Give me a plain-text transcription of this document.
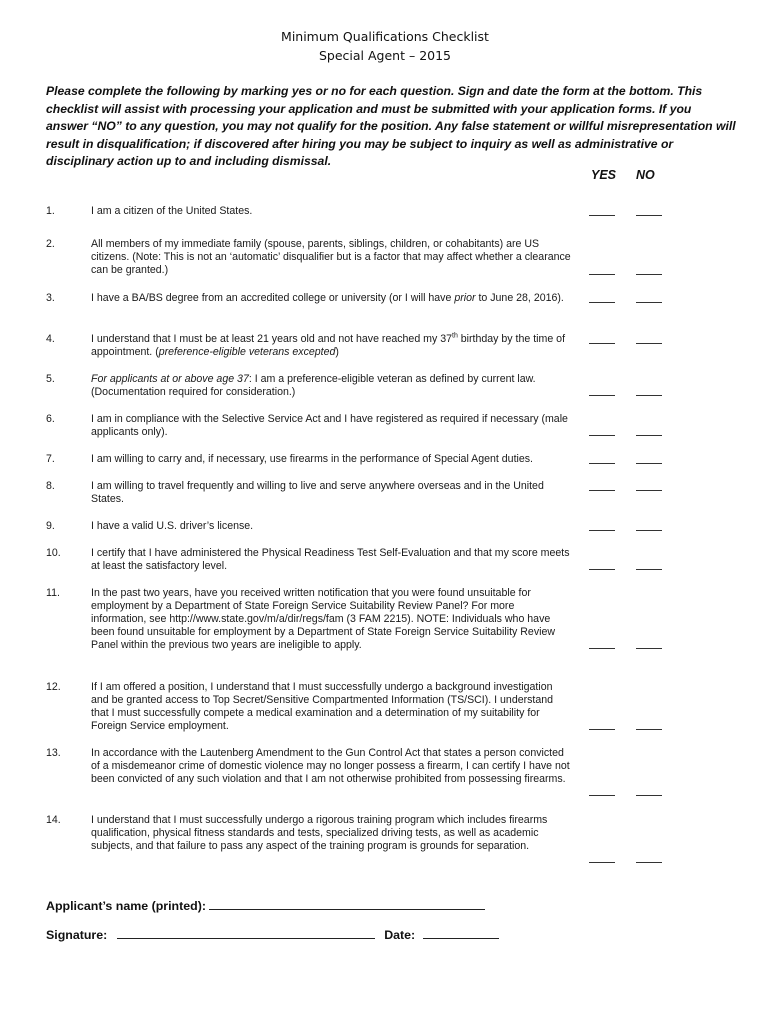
Minimum Qualifications Checklist
Special Agent – 2015
Please complete the following by marking yes or no for each question. Sign and date the form at the bottom. This checklist will assist with processing your application and must be submitted with your application forms. If you answer “NO” to any question, you may not qualify for the position. Any false statement or willful misrepresentation will result in disqualification; if discovered after hiring you may be subject to inquiry as well as administrative or disciplinary action up to and including dismissal.
YES NO
1.	I am a citizen of the United States.
2.	All members of my immediate family (spouse, parents, siblings, children, or cohabitants) are US citizens. (Note: This is not an ‘automatic’ disqualifier but is a factor that may affect whether a clearance can be granted.)
3.	I have a BA/BS degree from an accredited college or university (or I will have prior to June 28, 2016).
4.	I understand that I must be at least 21 years old and not have reached my 37th birthday by the time of appointment. (preference-eligible veterans excepted)
5.	For applicants at or above age 37: I am a preference-eligible veteran as defined by current law. (Documentation required for consideration.)
6.	I am in compliance with the Selective Service Act and I have registered as required if necessary (male applicants only).
7.	I am willing to carry and, if necessary, use firearms in the performance of Special Agent duties.
8.	I am willing to travel frequently and willing to live and serve anywhere overseas and in the United States.
9.	I have a valid U.S. driver’s license.
10.	I certify that I have administered the Physical Readiness Test Self-Evaluation and that my score meets at least the satisfactory level.
11.	In the past two years, have you received written notification that you were found unsuitable for employment by a Department of State Foreign Service Suitability Review Panel? For more information, see http://www.state.gov/m/a/dir/regs/fam (3 FAM 2215). NOTE: Individuals who have been found unsuitable for employment by a Department of State Foreign Service Suitability Review Panel within the previous two years are ineligible to apply.
12.	If I am offered a position, I understand that I must successfully undergo a background investigation and be granted access to Top Secret/Sensitive Compartmented Information (TS/SCI). I understand that I must successfully compete a medical examination and a determination of my suitability for Foreign Service employment.
13.	In accordance with the Lautenberg Amendment to the Gun Control Act that states a person convicted of a misdemeanor crime of domestic violence may no longer possess a firearm, I can certify I have not been convicted of any such violation and that I am not otherwise prohibited from possessing firearms.
14.	I understand that I must successfully undergo a rigorous training program which includes firearms qualification, physical fitness standards and tests, specialized driving tests, as well as academic subjects, and that failure to pass any aspect of the training program is grounds for separation.
Applicant’s name (printed):
Signature:	Date:
